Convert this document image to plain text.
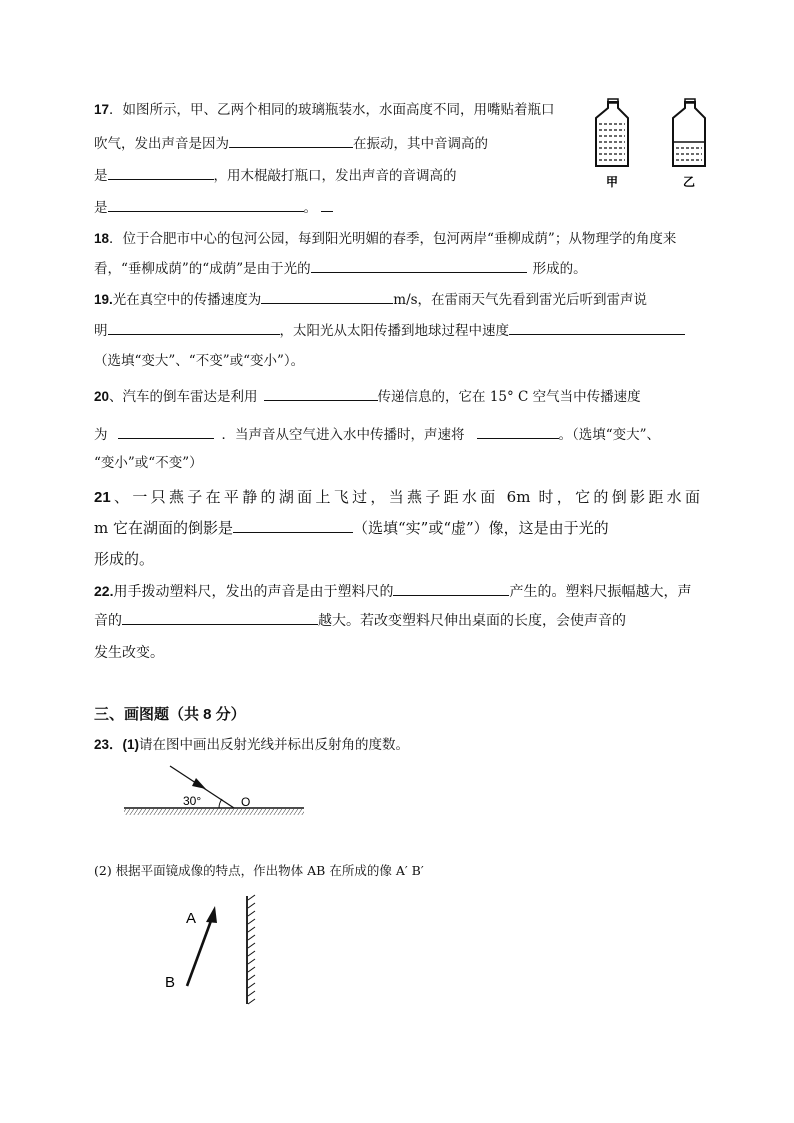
17．如图所示，甲、乙两个相同的玻璃瓶装水，水面高度不同，用嘴贴着瓶口
吹气，发出声音是因为	在振动，其中音调高的
是	，用木棍敲打瓶口，发出声音的音调高的
是	。
甲	乙
18．位于合肥市中心的包河公园，每到阳光明媚的春季，包河两岸“垂柳成荫”；从物理学的角度来
看，“垂柳成荫”的“成荫”是由于光的	形成的。
19.光在真空中的传播速度为	m/s，在雷雨天气先看到雷光后听到雷声说
明	，太阳光从太阳传播到地球过程中速度
（选填“变大”、“不变”或“变小”）。
20、汽车的倒车雷达是利用	传递信息的，它在 15° C 空气当中传播速度
为	．当声音从空气进入水中传播时，声速将	。（选填“变大”、
“变小”或“不变”）
21、一只燕子在平静的湖面上飞过，当燕子距水面 6m 时，它的倒影距水面
m 它在湖面的倒影是	（选填“实”或“虚”）像，这是由于光的
形成的。
22.用手拨动塑料尺，发出的声音是由于塑料尺的	产生的。塑料尺振幅越大，声
音的	越大。若改变塑料尺伸出桌面的长度，会使声音的
发生改变。
三、画图题（共 8 分）
23．(1)请在图中画出反射光线并标出反射角的度数。
30°	O
(2) 根据平面镜成像的特点，作出物体 AB 在所成的像 A′ B′
A
B
